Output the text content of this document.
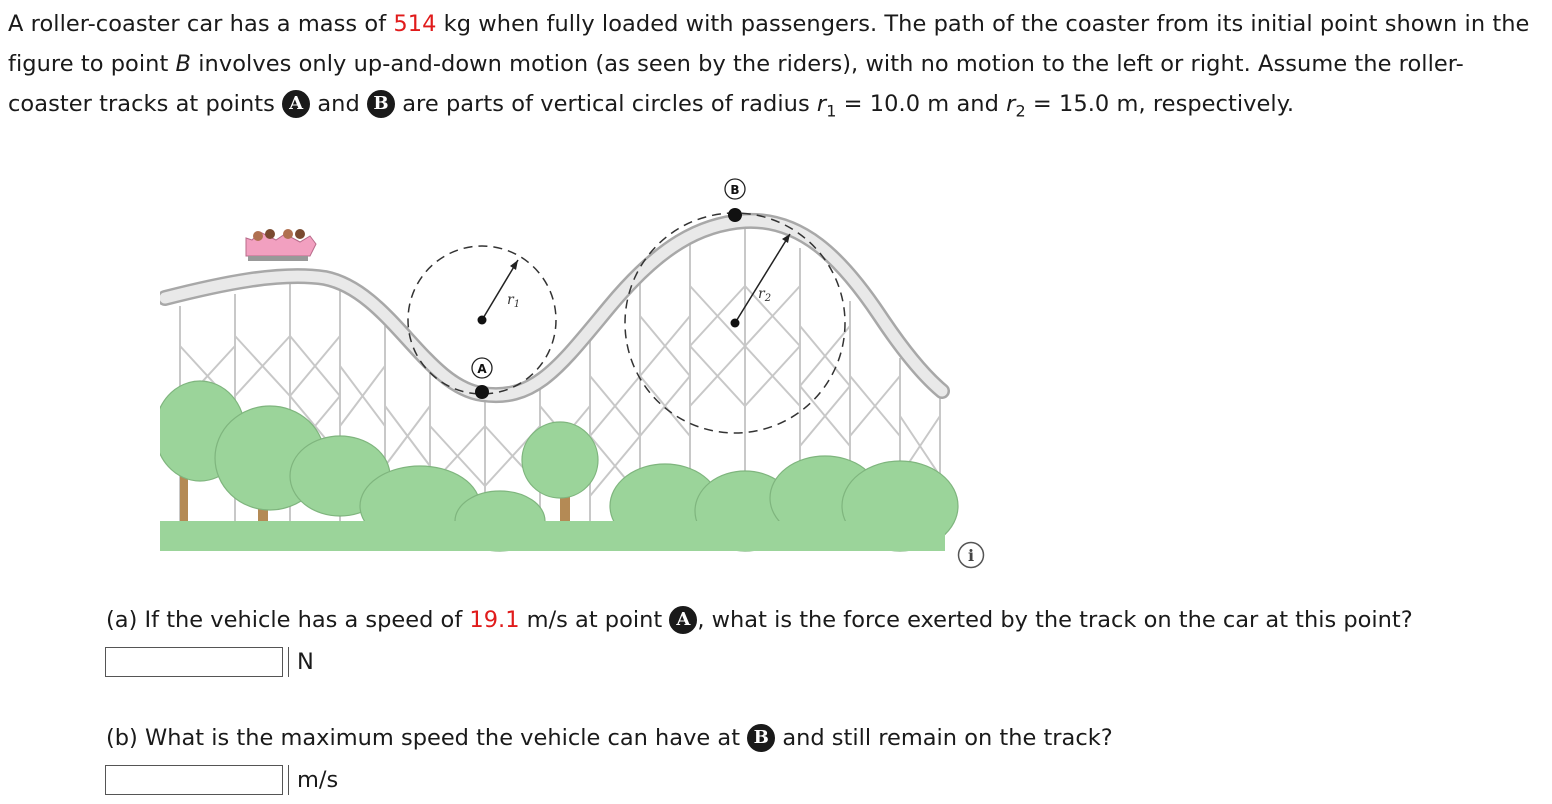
A roller-coaster car has a mass of 514 kg when fully loaded with passengers. The path of the coaster from its initial point shown in the figure to point B involves only up-and-down motion (as seen by the riders), with no motion to the left or right. Assume the roller-coaster tracks at points A and B are parts of vertical circles of radius $r_1 = 10.0$ m and $r_2 = 15.0$ m, respectively.
$r_1$
$r_2$
A
B
i
(a) If the vehicle has a speed of 19.1 m/s at point A , what is the force exerted by the track on the car at this point?
N
(b) What is the maximum speed the vehicle can have at B and still remain on the track?
m/s
